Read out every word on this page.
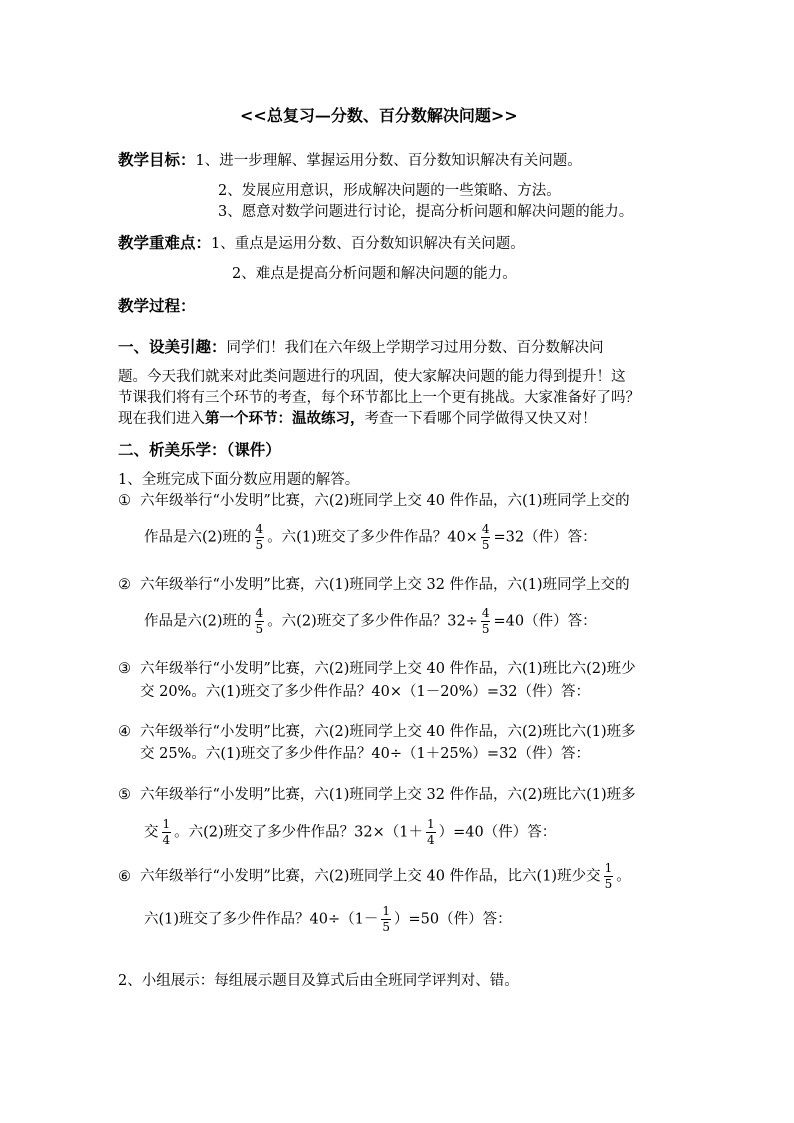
<<总复习—分数、百分数解决问题>>
教学目标：1、进一步理解、掌握运用分数、百分数知识解决有关问题。
2、发展应用意识，形成解决问题的一些策略、方法。
3、愿意对数学问题进行讨论，提高分析问题和解决问题的能力。
教学重难点：1、重点是运用分数、百分数知识解决有关问题。
2、难点是提高分析问题和解决问题的能力。
教学过程：
一、设美引趣：同学们！我们在六年级上学期学习过用分数、百分数解决问
题。今天我们就来对此类问题进行的巩固，使大家解决问题的能力得到提升！这
节课我们将有三个环节的考查，每个环节都比上一个更有挑战。大家准备好了吗？
现在我们进入第一个环节：温故练习，考查一下看哪个同学做得又快又对！
二、析美乐学：（课件）
1、全班完成下面分数应用题的解答。
① 六年级举行“小发明”比赛，六(2)班同学上交 40 件作品，六(1)班同学上交的
作品是六(2)班的 $\frac{4}{5}$ 。六(1)班交了多少件作品？$40\times \frac{4}{5} =32$（件）答：
② 六年级举行“小发明”比赛，六(1)班同学上交 32 件作品，六(1)班同学上交的
作品是六(2)班的 $\frac{4}{5}$ 。六(2)班交了多少件作品？$32\div \frac{4}{5} =40$（件）答：
③ 六年级举行“小发明”比赛，六(2)班同学上交 40 件作品，六(1)班比六(2)班少
交 20%。六(1)班交了多少件作品？40×（1－20%）=32（件）答：
④ 六年级举行“小发明”比赛，六(2)班同学上交 40 件作品，六(2)班比六(1)班多
交 25%。六(1)班交了多少件作品？40÷（1＋25%）=32（件）答：
⑤ 六年级举行“小发明”比赛，六(1)班同学上交 32 件作品，六(2)班比六(1)班多
交 $\frac{1}{4}$ 。六(2)班交了多少件作品？$32\times(1+ \frac{1}{4} )=40$（件）答：
⑥ 六年级举行“小发明”比赛，六(2)班同学上交 40 件作品，比六(1)班少交 $\frac{1}{5}$ 。
六(1)班交了多少件作品？$40\div(1- \frac{1}{5} )=50$（件）答：
2、小组展示：每组展示题目及算式后由全班同学评判对、错。
